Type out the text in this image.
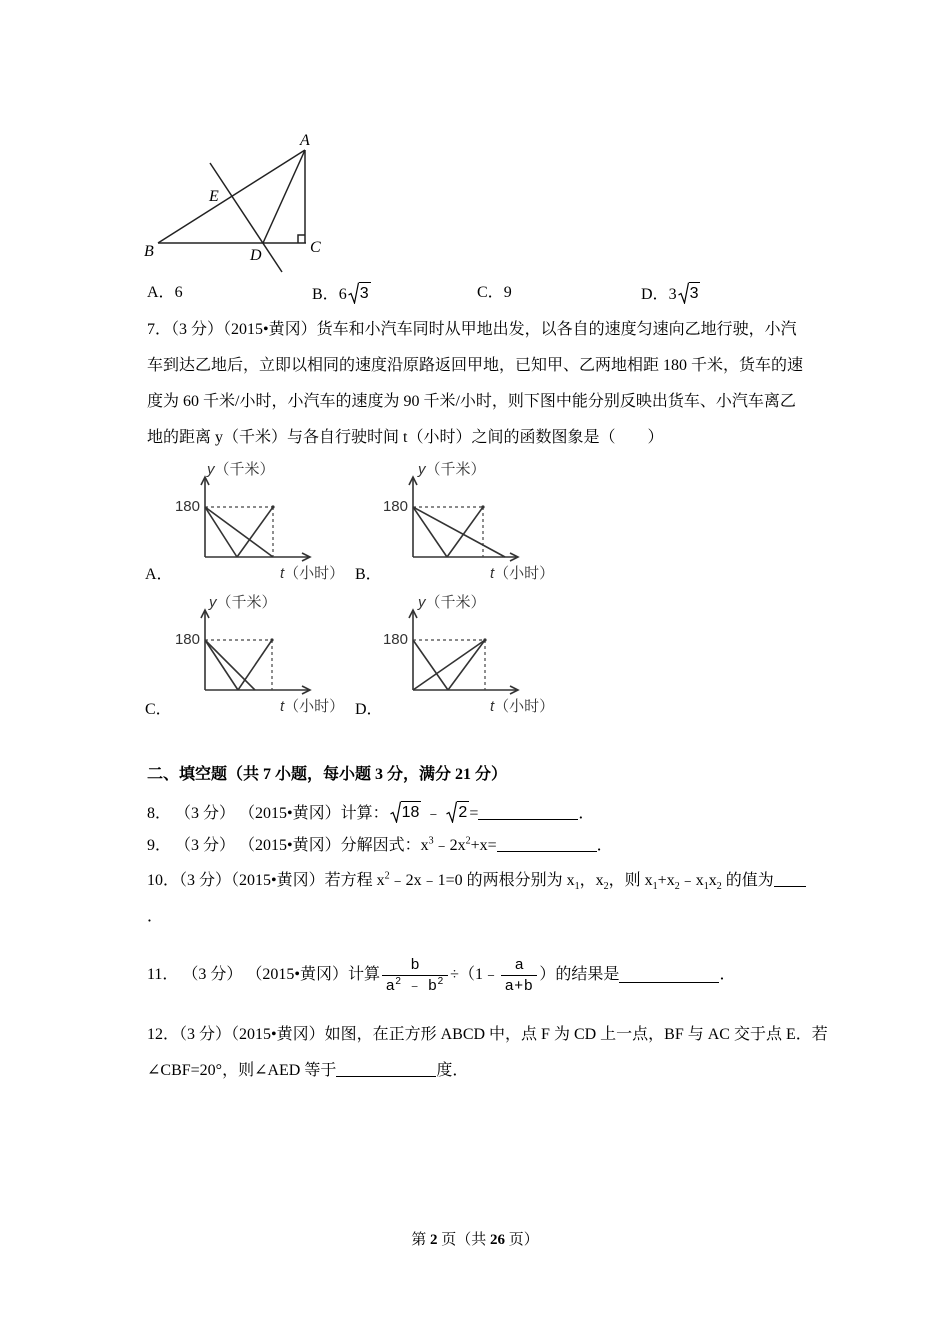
A
B	C
D
E
A．6	B．6 3	C．9	D．3 3
7．（3 分）（2015•黄冈）货车和小汽车同时从甲地出发，以各自的速度匀速向乙地行驶，小汽
车到达乙地后，立即以相同的速度沿原路返回甲地，已知甲、乙两地相距 180 千米，货车的速
度为 60 千米/小时，小汽车的速度为 90 千米/小时，则下图中能分别反映出货车、小汽车离乙
地的距离 y（千米）与各自行驶时间 t（小时）之间的函数图象是（　　）
y（千米）
180
t（小时）
A．
y（千米）
180
t（小时）
B．
y（千米）
180
t（小时）
C．
y（千米）
180
t（小时）
D．
二、填空题（共 7 小题，每小题 3 分，满分 21 分）
8． （3 分） （2015•黄冈）计算： 18 ﹣ 2 =	．
9． （3 分） （2015•黄冈）分解因式：$x^3﹣2x^2+x=$	．
10．（3 分）（2015•黄冈）若方程 $x^2﹣2x﹣1=0$ 的两根分别为 $x_1$，$x_2$，则 $x_1+x_2﹣x_1x_2$ 的值为
．
11． （3 分） （2015•黄冈）计算 $\frac{b}{a^2 ﹣ b^2}$ ÷（1﹣ $\frac{a}{a+b}$ ）的结果是	．
12．（3 分）（2015•黄冈）如图，在正方形 ABCD 中，点 F 为 CD 上一点，BF 与 AC 交于点 E．若
∠CBF=20°，则∠AED 等于	度．
第 2 页（共 26 页）
